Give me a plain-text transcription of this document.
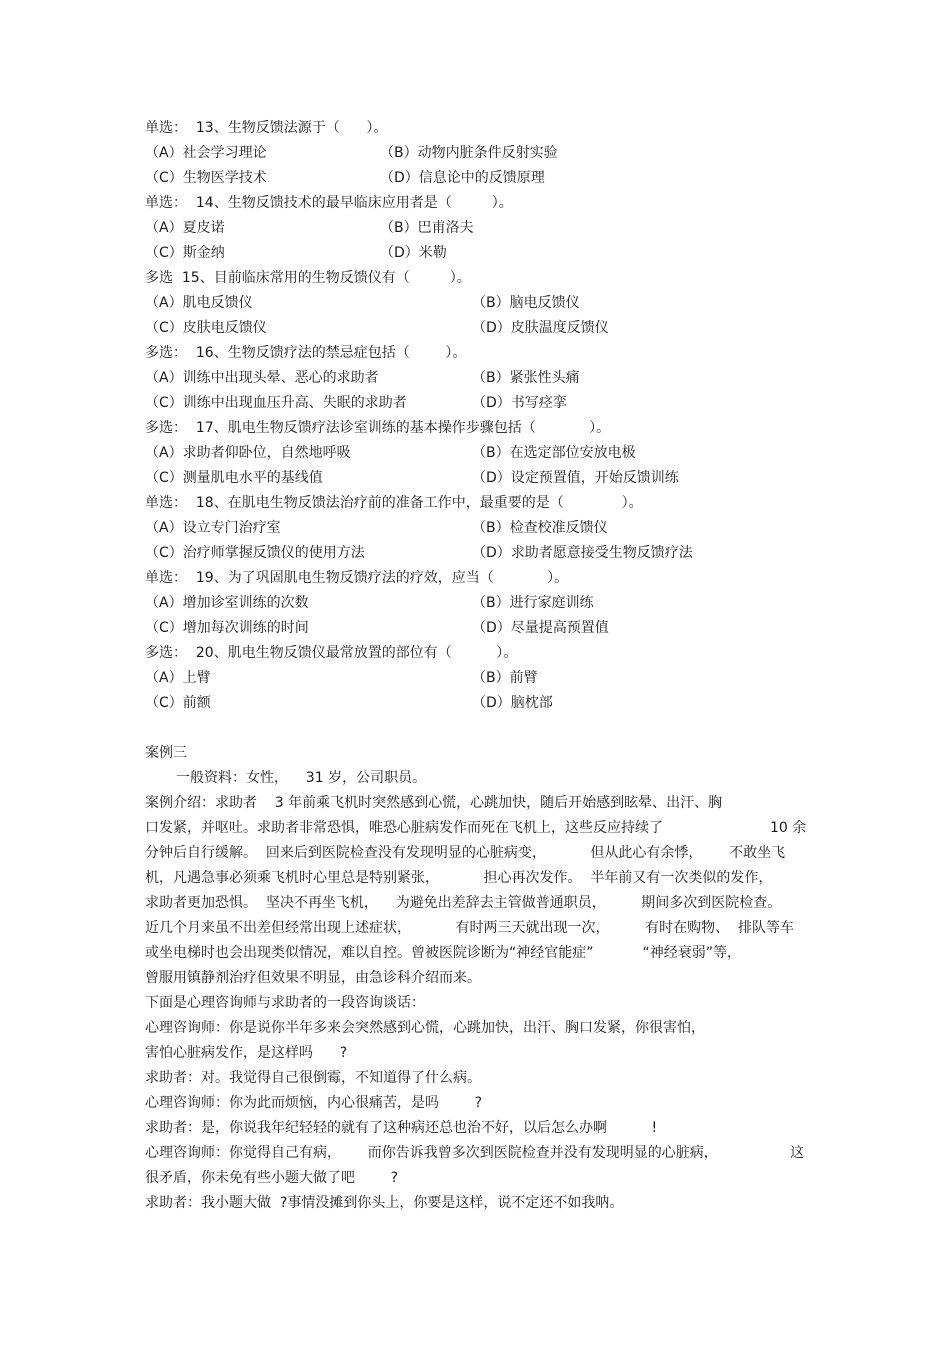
单选：  13、生物反馈法源于（      ）。
（A）社会学习理论	（B）动物内脏条件反射实验
（C）生物医学技术	（D）信息论中的反馈原理
单选：  14、生物反馈技术的最早临床应用者是（         ）。
（A）夏皮诺	（B）巴甫洛夫
（C）斯金纳	（D）米勒
多选  15、目前临床常用的生物反馈仪有（         ）。
（A）肌电反馈仪	（B）脑电反馈仪
（C）皮肤电反馈仪	（D）皮肤温度反馈仪
多选：  16、生物反馈疗法的禁忌症包括（        ）。
（A）训练中出现头晕、恶心的求助者	（B）紧张性头痛
（C）训练中出现血压升高、失眠的求助者	（D）书写痉挛
多选：  17、肌电生物反馈疗法诊室训练的基本操作步骤包括（            ）。
（A）求助者仰卧位，自然地呼吸	（B）在选定部位安放电极
（C）测量肌电水平的基线值	（D）设定预置值，开始反馈训练
单选：  18、在肌电生物反馈法治疗前的准备工作中，最重要的是（             ）。
（A）设立专门治疗室	（B）检查校准反馈仪
（C）治疗师掌握反馈仪的使用方法	（D）求助者愿意接受生物反馈疗法
单选：  19、为了巩固肌电生物反馈疗法的疗效，应当（            ）。
（A）增加诊室训练的次数	（B）进行家庭训练
（C）增加每次训练的时间	（D）尽量提高预置值
多选：  20、肌电生物反馈仪最常放置的部位有（          ）。
（A）上臂	（B）前臂
（C）前额	（D）脑枕部
案例三
一般资料：女性，    31 岁，公司职员。
案例介绍：求助者    3 年前乘飞机时突然感到心慌，心跳加快，随后开始感到眩晕、出汗、胸
口发紧，并呕吐。求助者非常恐惧，唯恐心脏病发作而死在飞机上，这些反应持续了	10 余
分钟后自行缓解。  回来后到医院检查没有发现明显的心脏病变，          但从此心有余悸，      不敢坐飞
机，凡遇急事必须乘飞机时心里总是特别紧张，          担心再次发作。  半年前又有一次类似的发作，
求助者更加恐惧。  坚决不再坐飞机，    为避免出差辞去主管做普通职员，        期间多次到医院检查。
近几个月来虽不出差但经常出现上述症状，          有时两三天就出现一次，        有时在购物、  排队等车
或坐电梯时也会出现类似情况，难以自控。曾被医院诊断为“神经官能症”           “神经衰弱”等，
曾服用镇静剂治疗但效果不明显，由急诊科介绍而来。
下面是心理咨询师与求助者的一段咨询谈话：
心理咨询师：你是说你半年多来会突然感到心慌，心跳加快，出汗、胸口发紧，你很害怕，
害怕心脏病发作，是这样吗      ?
求助者：对。我觉得自己很倒霉，不知道得了什么病。
心理咨询师：你为此而烦恼，内心很痛苦，是吗        ?
求助者：是，你说我年纪轻轻的就有了这种病还总也治不好，以后怎么办啊          !
心理咨询师：你觉得自己有病，      而你告诉我曾多次到医院检查并没有发现明显的心脏病，	这
很矛盾，你未免有些小题大做了吧        ?
求助者：我小题大做  ?事情没摊到你头上，你要是这样，说不定还不如我呐。
